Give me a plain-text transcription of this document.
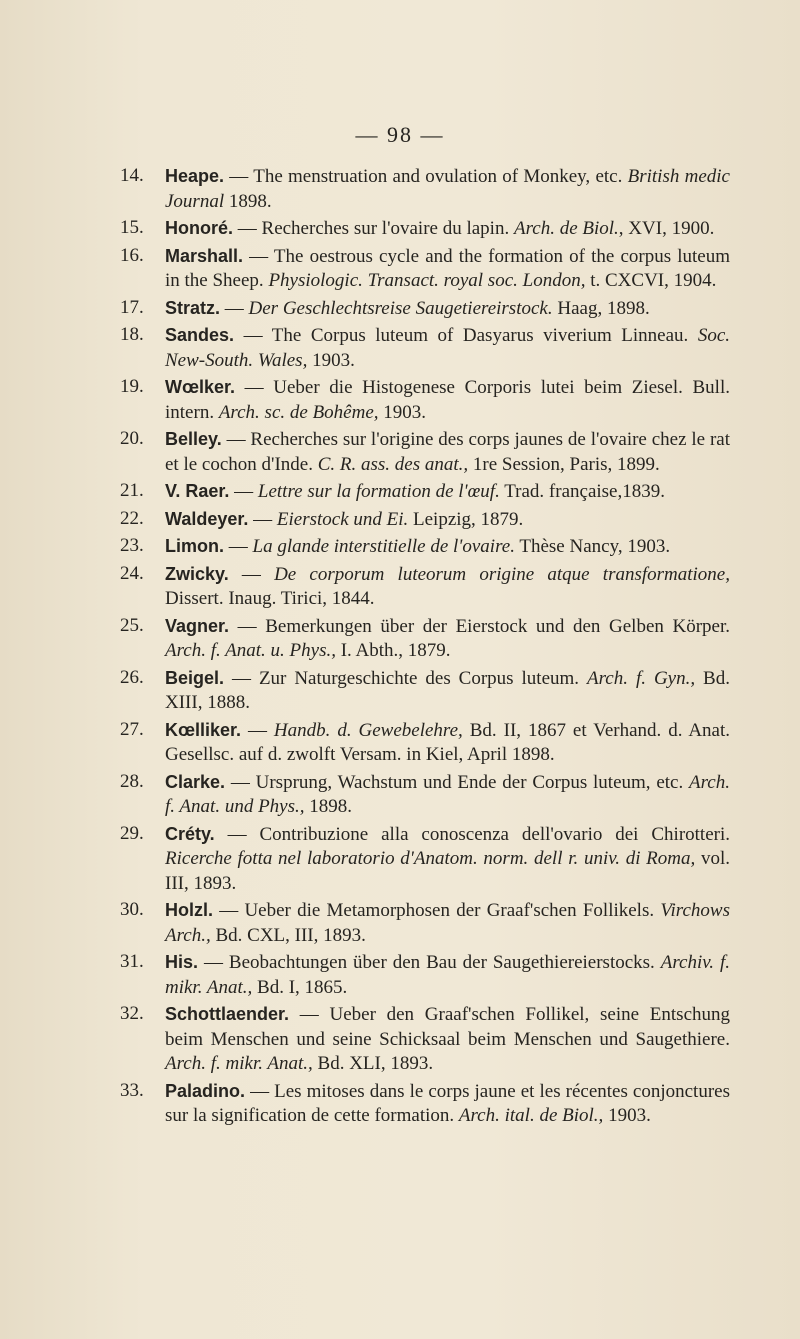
— 98 —
14.	Heape. — The menstruation and ovulation of Monkey, etc. British medic Journal 1898.
15.	Honoré. — Recherches sur l'ovaire du lapin. Arch. de Biol., XVI, 1900.
16.	Marshall. — The oestrous cycle and the formation of the corpus luteum in the Sheep. Physiologic. Transact. royal soc. London, t. CXCVI, 1904.
17.	Stratz. — Der Geschlechtsreise Saugetiereirstock. Haag, 1898.
18.	Sandes. — The Corpus luteum of Dasyarus viverium Linneau. Soc. New-South. Wales, 1903.
19.	Wœlker. — Ueber die Histogenese Corporis lutei beim Ziesel. Bull. intern. Arch. sc. de Bohême, 1903.
20.	Belley. — Recherches sur l'origine des corps jaunes de l'ovaire chez le rat et le cochon d'Inde. C. R. ass. des anat., 1re Session, Paris, 1899.
21.	V. Raer. — Lettre sur la formation de l'œuf. Trad. française,1839.
22.	Waldeyer. — Eierstock und Ei. Leipzig, 1879.
23.	Limon. — La glande interstitielle de l'ovaire. Thèse Nancy, 1903.
24.	Zwicky. — De corporum luteorum origine atque transformatione, Dissert. Inaug. Tirici, 1844.
25.	Vagner. — Bemerkungen über der Eierstock und den Gelben Körper. Arch. f. Anat. u. Phys., I. Abth., 1879.
26.	Beigel. — Zur Naturgeschichte des Corpus luteum. Arch. f. Gyn., Bd. XIII, 1888.
27.	Kœlliker. — Handb. d. Gewebelehre, Bd. II, 1867 et Verhand. d. Anat. Gesellsc. auf d. zwolft Versam. in Kiel, April 1898.
28.	Clarke. — Ursprung, Wachstum und Ende der Corpus luteum, etc. Arch. f. Anat. und Phys., 1898.
29.	Créty. — Contribuzione alla conoscenza dell'ovario dei Chirotteri. Ricerche fotta nel laboratorio d'Anatom. norm. dell r. univ. di Roma, vol. III, 1893.
30.	Holzl. — Ueber die Metamorphosen der Graaf'schen Follikels. Virchows Arch., Bd. CXL, III, 1893.
31.	His. — Beobachtungen über den Bau der Saugethiereierstocks. Archiv. f. mikr. Anat., Bd. I, 1865.
32.	Schottlaender. — Ueber den Graaf'schen Follikel, seine Entschung beim Menschen und seine Schicksaal beim Menschen und Saugethiere. Arch. f. mikr. Anat., Bd. XLI, 1893.
33.	Paladino. — Les mitoses dans le corps jaune et les récentes conjonctures sur la signification de cette formation. Arch. ital. de Biol., 1903.
